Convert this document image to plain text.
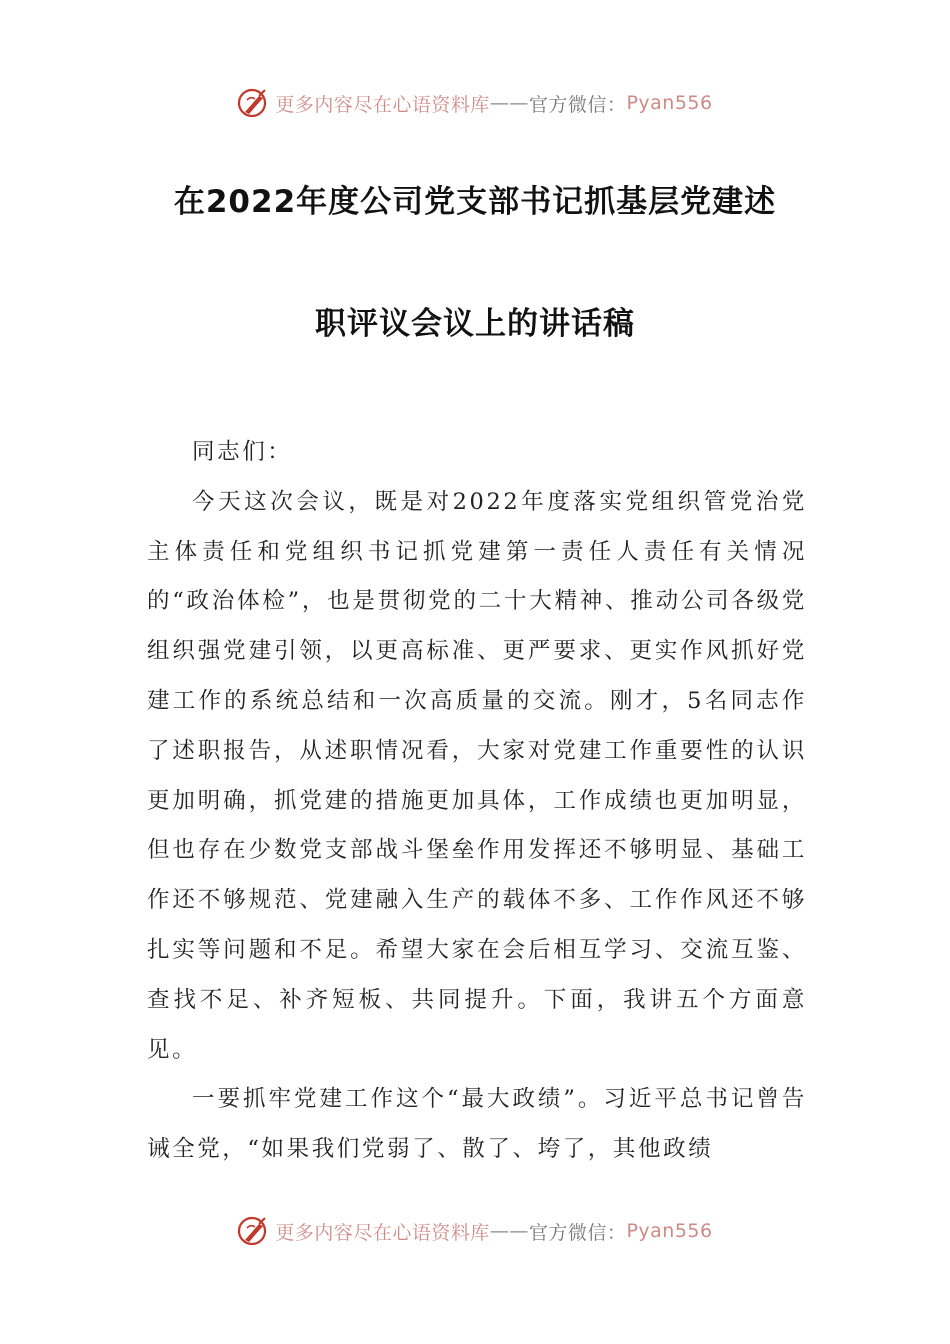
更多内容尽在心语资料库 —— 官方微信： Pyan556
在2022年度公司党支部书记抓基层党建述
职评议会议上的讲话稿

同志们：

今天这次会议，既是对2022年度落实党组织管党治党主体责任和党组织书记抓党建第一责任人责任有关情况的“政治体检”，也是贯彻党的二十大精神、推动公司各级党组织强党建引领，以更高标准、更严要求、更实作风抓好党建工作的系统总结和一次高质量的交流。刚才，5名同志作了述职报告，从述职情况看，大家对党建工作重要性的认识更加明确，抓党建的措施更加具体，工作成绩也更加明显，但也存在少数党支部战斗堡垒作用发挥还不够明显、基础工作还不够规范、党建融入生产的载体不多、工作作风还不够扎实等问题和不足。希望大家在会后相互学习、交流互鉴、查找不足、补齐短板、共同提升。下面，我讲五个方面意见。

一要抓牢党建工作这个“最大政绩”。习近平总书记曾告诫全党，“如果我们党弱了、散了、垮了，其他政绩

更多内容尽在心语资料库 —— 官方微信： Pyan556
